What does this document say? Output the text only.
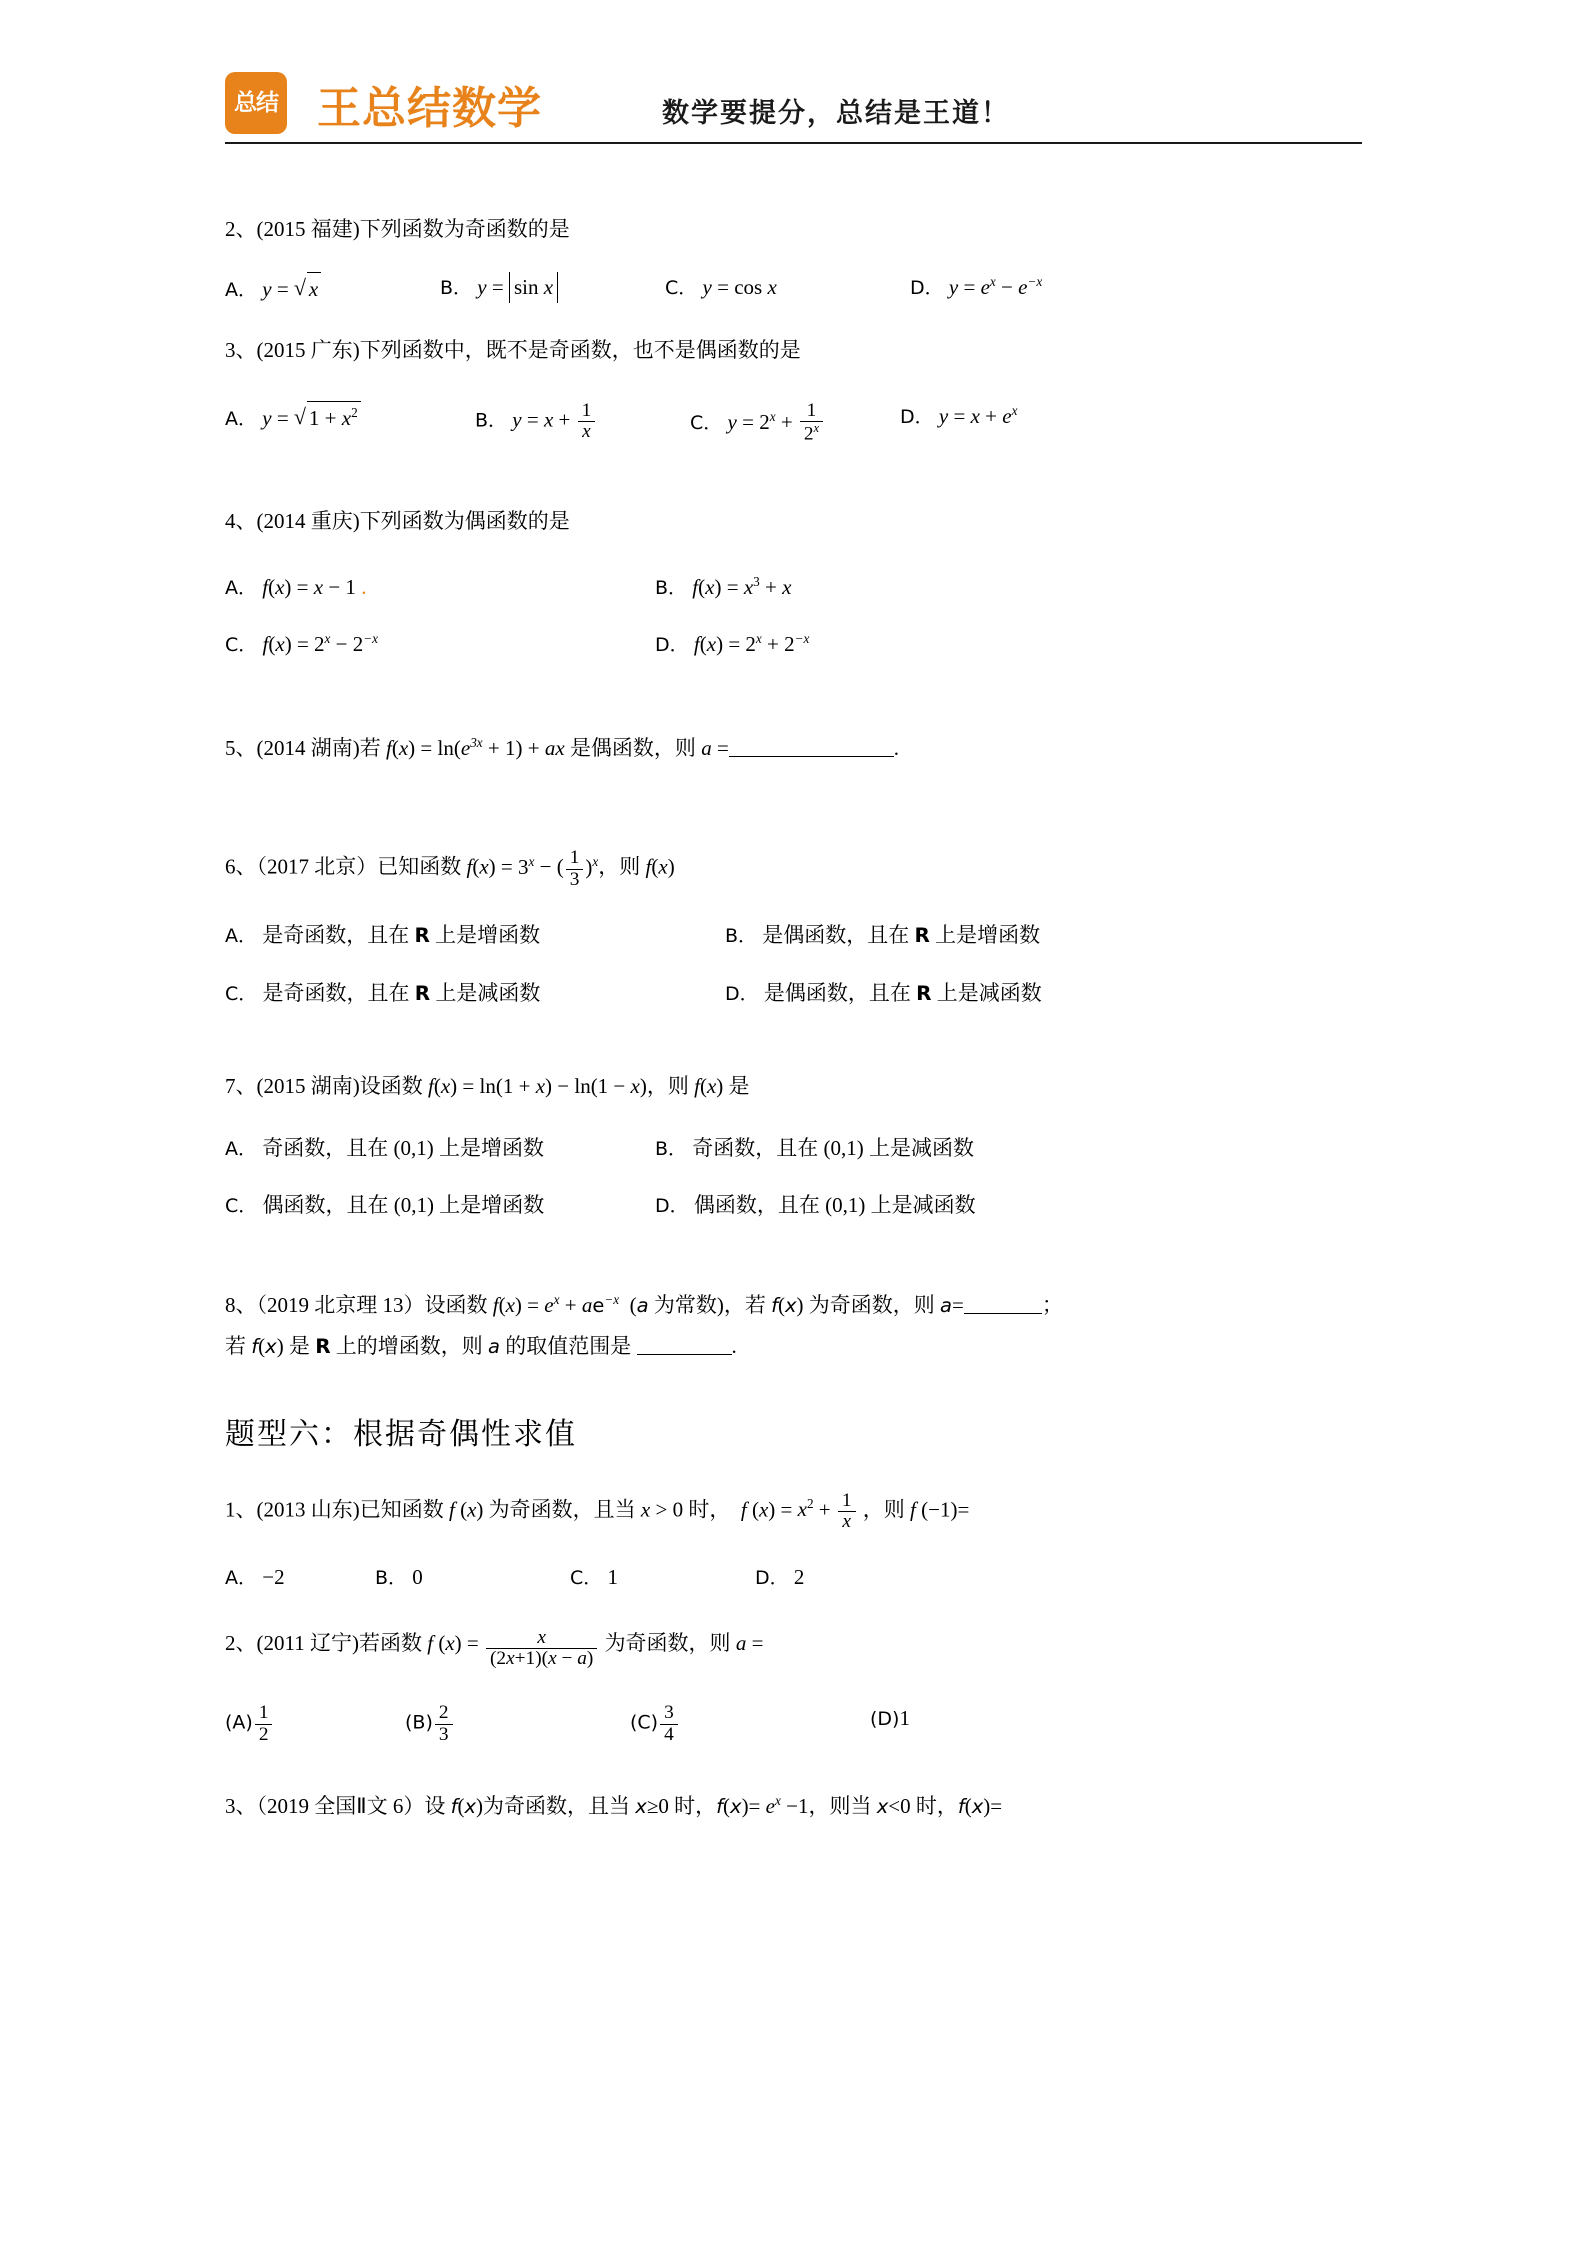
总 结 王总结数学	数学要提分，总结是王道！
2、(2015 福建)下列函数为奇函数的是
A． y = √ x	B． y = sin x	C． y = cos x	D． $y = e^x - e^{-x}$
3、(2015 广东)下列函数中，既不是奇函数，也不是偶函数的是
A． y = √ $1 + x^2$	B． $y = x + \frac{1}{x}$	C． $y = 2^x + \frac{1}{2^x}$	D． $y = x + e^x$
4、(2014 重庆)下列函数为偶函数的是
A． f(x) = x − 1 .	B． $f(x) = x^3 + x$
C． $f(x) = 2^x - 2^{-x}$	D． $f(x) = 2^x + 2^{-x}$
5、(2014 湖南)若 $f(x) = \ln(e^{3x} + 1)$ + ax 是偶函数，则 a =	.
6、（2017 北京）已知函数 $f(x) = 3^x$ − ( $\frac{1}{3} )^x$，则 f(x)
A． 是奇函数，且在 R 上是增函数	B． 是偶函数，且在 R 上是增函数
C． 是奇函数，且在 R 上是减函数	D． 是偶函数，且在 R 上是减函数
7、(2015 湖南)设函数 f(x) = ln(1 + x) − ln(1 − x)，则 f(x) 是
A． 奇函数，且在 (0,1) 上是增函数	B． 奇函数，且在 (0,1) 上是减函数
C． 偶函数，且在 (0,1) 上是增函数	D． 偶函数，且在 (0,1) 上是减函数
8、（2019 北京理 13）设函数 $f(x) = e^x + ae^{-x}$  (a 为常数)，若 f(x) 为奇函数，则 a=	；
若 f(x) 是 R 上的增函数，则 a 的取值范围是	.
题型六：根据奇偶性求值
1、(2013 山东)已知函数 f (x) 为奇函数，且当 x > 0 时，  f $(x) = x^2 + \frac{1}{x}$ ，则 f (−1)=
A． −2	B． 0	C． 1	D． 2
2、(2011 辽宁)若函数 f $(x) = \frac{x}{(2x+1)(x - a)}$ 为奇函数，则 a =
$(A) \frac{1}{2}$	$(B) \frac{2}{3}$	$(C) \frac{3}{4}$	(D)1
3、（2019 全国Ⅱ文 6）设 f(x)为奇函数，且当 x≥0 时，$f(x)= e^x -1$，则当 x<0 时，f(x)=
